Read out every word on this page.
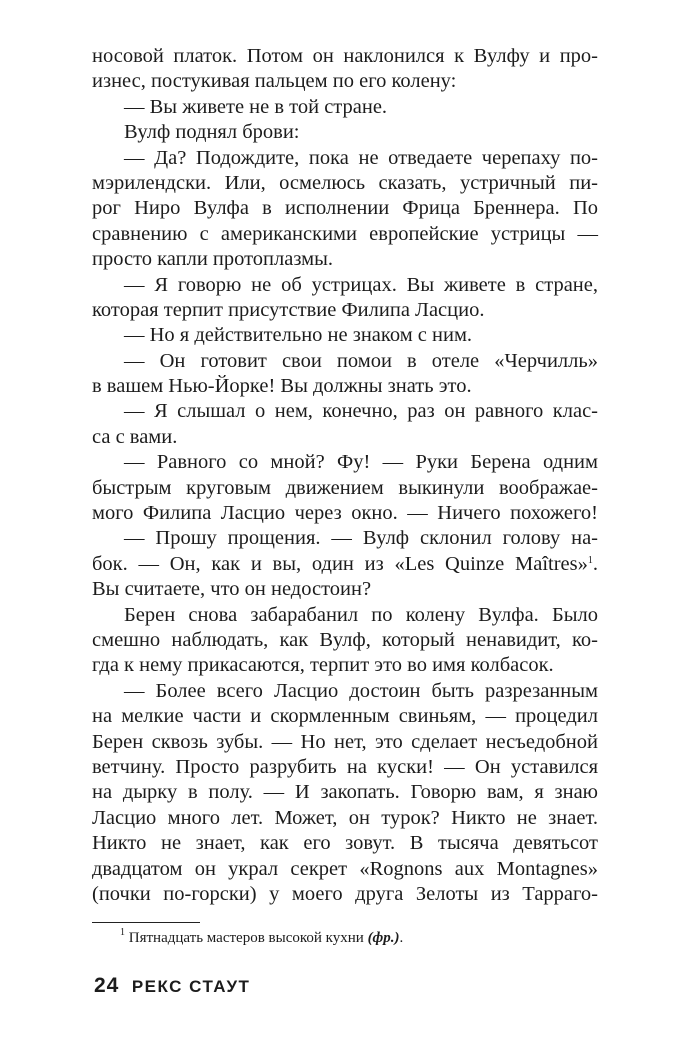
носовой платок. Потом он наклонился к Вулфу и про-
изнес, постукивая пальцем по его колену:
— Вы живете не в той стране.
Вулф поднял брови:
— Да? Подождите, пока не отведаете черепаху по-
мэрилендски. Или, осмелюсь сказать, устричный пи-
рог Ниро Вулфа в исполнении Фрица Бреннера. По
сравнению с американскими европейские устрицы —
просто капли протоплазмы.
— Я говорю не об устрицах. Вы живете в стране,
которая терпит присутствие Филипа Ласцио.
— Но я действительно не знаком с ним.
— Он готовит свои помои в отеле «Черчилль»
в вашем Нью-Йорке! Вы должны знать это.
— Я слышал о нем, конечно, раз он равного клас-
са с вами.
— Равного со мной? Фу! — Руки Берена одним
быстрым круговым движением выкинули воображае-
мого Филипа Ласцио через окно. — Ничего похожего!
— Прошу прощения. — Вулф склонил голову на-
бок. — Он, как и вы, один из «Les Quinze Maîtres»$^1$.
Вы считаете, что он недостоин?
Берен снова забарабанил по колену Вулфа. Было
смешно наблюдать, как Вулф, который ненавидит, ко-
гда к нему прикасаются, терпит это во имя колбасок.
— Более всего Ласцио достоин быть разрезанным
на мелкие части и скормленным свиньям, — процедил
Берен сквозь зубы. — Но нет, это сделает несъедобной
ветчину. Просто разрубить на куски! — Он уставился
на дырку в полу. — И закопать. Говорю вам, я знаю
Ласцио много лет. Может, он турок? Никто не знает.
Никто не знает, как его зовут. В тысяча девятьсот
двадцатом он украл секрет «Rognons aux Montagnes»
(почки по-горски) у моего друга Зелоты из Тарраго-
$^1$ Пятнадцать мастеров высокой кухни (фр.).
24 РЕКС СТАУТ
